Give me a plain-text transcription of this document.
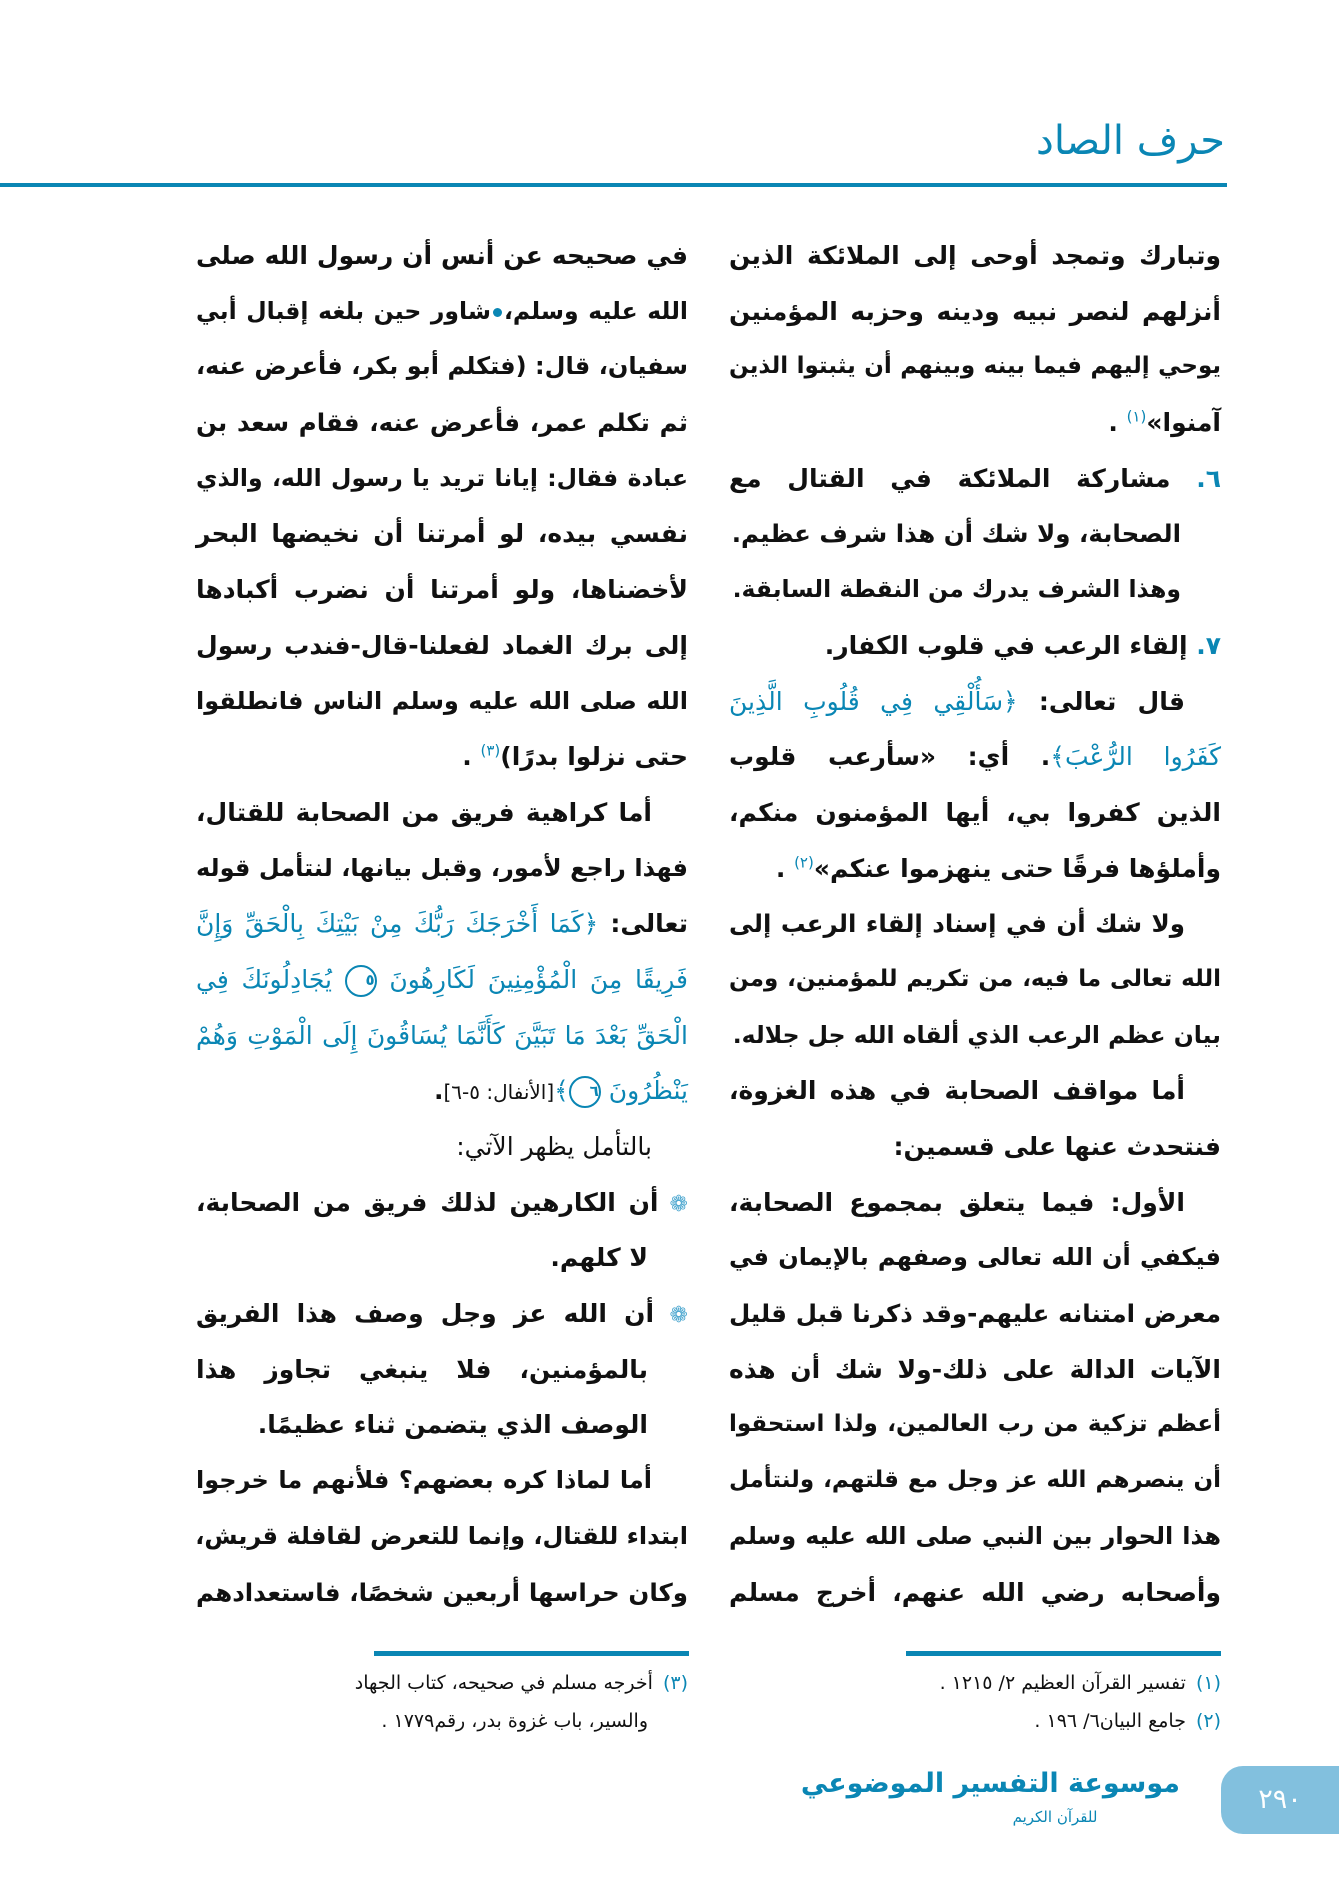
حرف الصاد
وتبارك وتمجد أوحى إلى الملائكة الذين
أنزلهم لنصر نبيه ودينه وحزبه المؤمنين
يوحي إليهم فيما بينه وبينهم أن يثبتوا الذين
آمنوا»$^{(١)}$ .
٦. مشاركة الملائكة في القتال مع
الصحابة، ولا شك أن هذا شرف عظيم.
وهذا الشرف يدرك من النقطة السابقة.
٧. إلقاء الرعب في قلوب الكفار.
قال تعالى: ﴿سَأُلْقِي فِي قُلُوبِ الَّذِينَ
كَفَرُوا الرُّعْبَ﴾. أي: «سأرعب قلوب
الذين كفروا بي، أيها المؤمنون منكم،
وأملؤها فرقًا حتى ينهزموا عنكم»$^{(٢)}$ .
ولا شك أن في إسناد إلقاء الرعب إلى
الله تعالى ما فيه، من تكريم للمؤمنين، ومن
بيان عظم الرعب الذي ألقاه الله جل جلاله.
أما مواقف الصحابة في هذه الغزوة،
فنتحدث عنها على قسمين:
الأول: فيما يتعلق بمجموع الصحابة،
فيكفي أن الله تعالى وصفهم بالإيمان في
معرض امتنانه عليهم-وقد ذكرنا قبل قليل
الآيات الدالة على ذلك-ولا شك أن هذه
أعظم تزكية من رب العالمين، ولذا استحقوا
أن ينصرهم الله عز وجل مع قلتهم، ولنتأمل
هذا الحوار بين النبي صلى الله عليه وسلم
وأصحابه رضي الله عنهم، أخرج مسلم
في صحيحه عن أنس أن رسول الله صلى
الله عليه وسلم،شاور حين بلغه إقبال أبي
سفيان، قال: (فتكلم أبو بكر، فأعرض عنه،
ثم تكلم عمر، فأعرض عنه، فقام سعد بن
عبادة فقال: إيانا تريد يا رسول الله، والذي
نفسي بيده، لو أمرتنا أن نخيضها البحر
لأخضناها، ولو أمرتنا أن نضرب أكبادها
إلى برك الغماد لفعلنا-قال-فندب رسول
الله صلى الله عليه وسلم الناس فانطلقوا
حتى نزلوا بدرًا)$^{(٣)}$ .
أما كراهية فريق من الصحابة للقتال،
فهذا راجع لأمور، وقبل بيانها، لنتأمل قوله
تعالى: ﴿كَمَا أَخْرَجَكَ رَبُّكَ مِنْ بَيْتِكَ بِالْحَقِّ وَإِنَّ
فَرِيقًا مِنَ الْمُؤْمِنِينَ لَكَارِهُونَ ٥ يُجَادِلُونَكَ فِي
الْحَقِّ بَعْدَ مَا تَبَيَّنَ كَأَنَّمَا يُسَاقُونَ إِلَى الْمَوْتِ وَهُمْ
يَنْظُرُونَ ٦﴾[الأنفال: ٥-٦].
بالتأمل يظهر الآتي:
❁ أن الكارهين لذلك فريق من الصحابة،
لا كلهم.
❁ أن الله عز وجل وصف هذا الفريق
بالمؤمنين، فلا ينبغي تجاوز هذا
الوصف الذي يتضمن ثناء عظيمًا.
أما لماذا كره بعضهم؟ فلأنهم ما خرجوا
ابتداء للقتال، وإنما للتعرض لقافلة قريش،
وكان حراسها أربعين شخصًا، فاستعدادهم
(١)تفسير القرآن العظيم ٢/ ١٢١٥ .
(٢)جامع البيان٦/ ١٩٦ .
(٣)أخرجه مسلم في صحيحه، كتاب الجهاد
والسير، باب غزوة بدر، رقم١٧٧٩ .
موسوعة التفسير الموضوعي
للقرآن الكريم
٢٩٠
